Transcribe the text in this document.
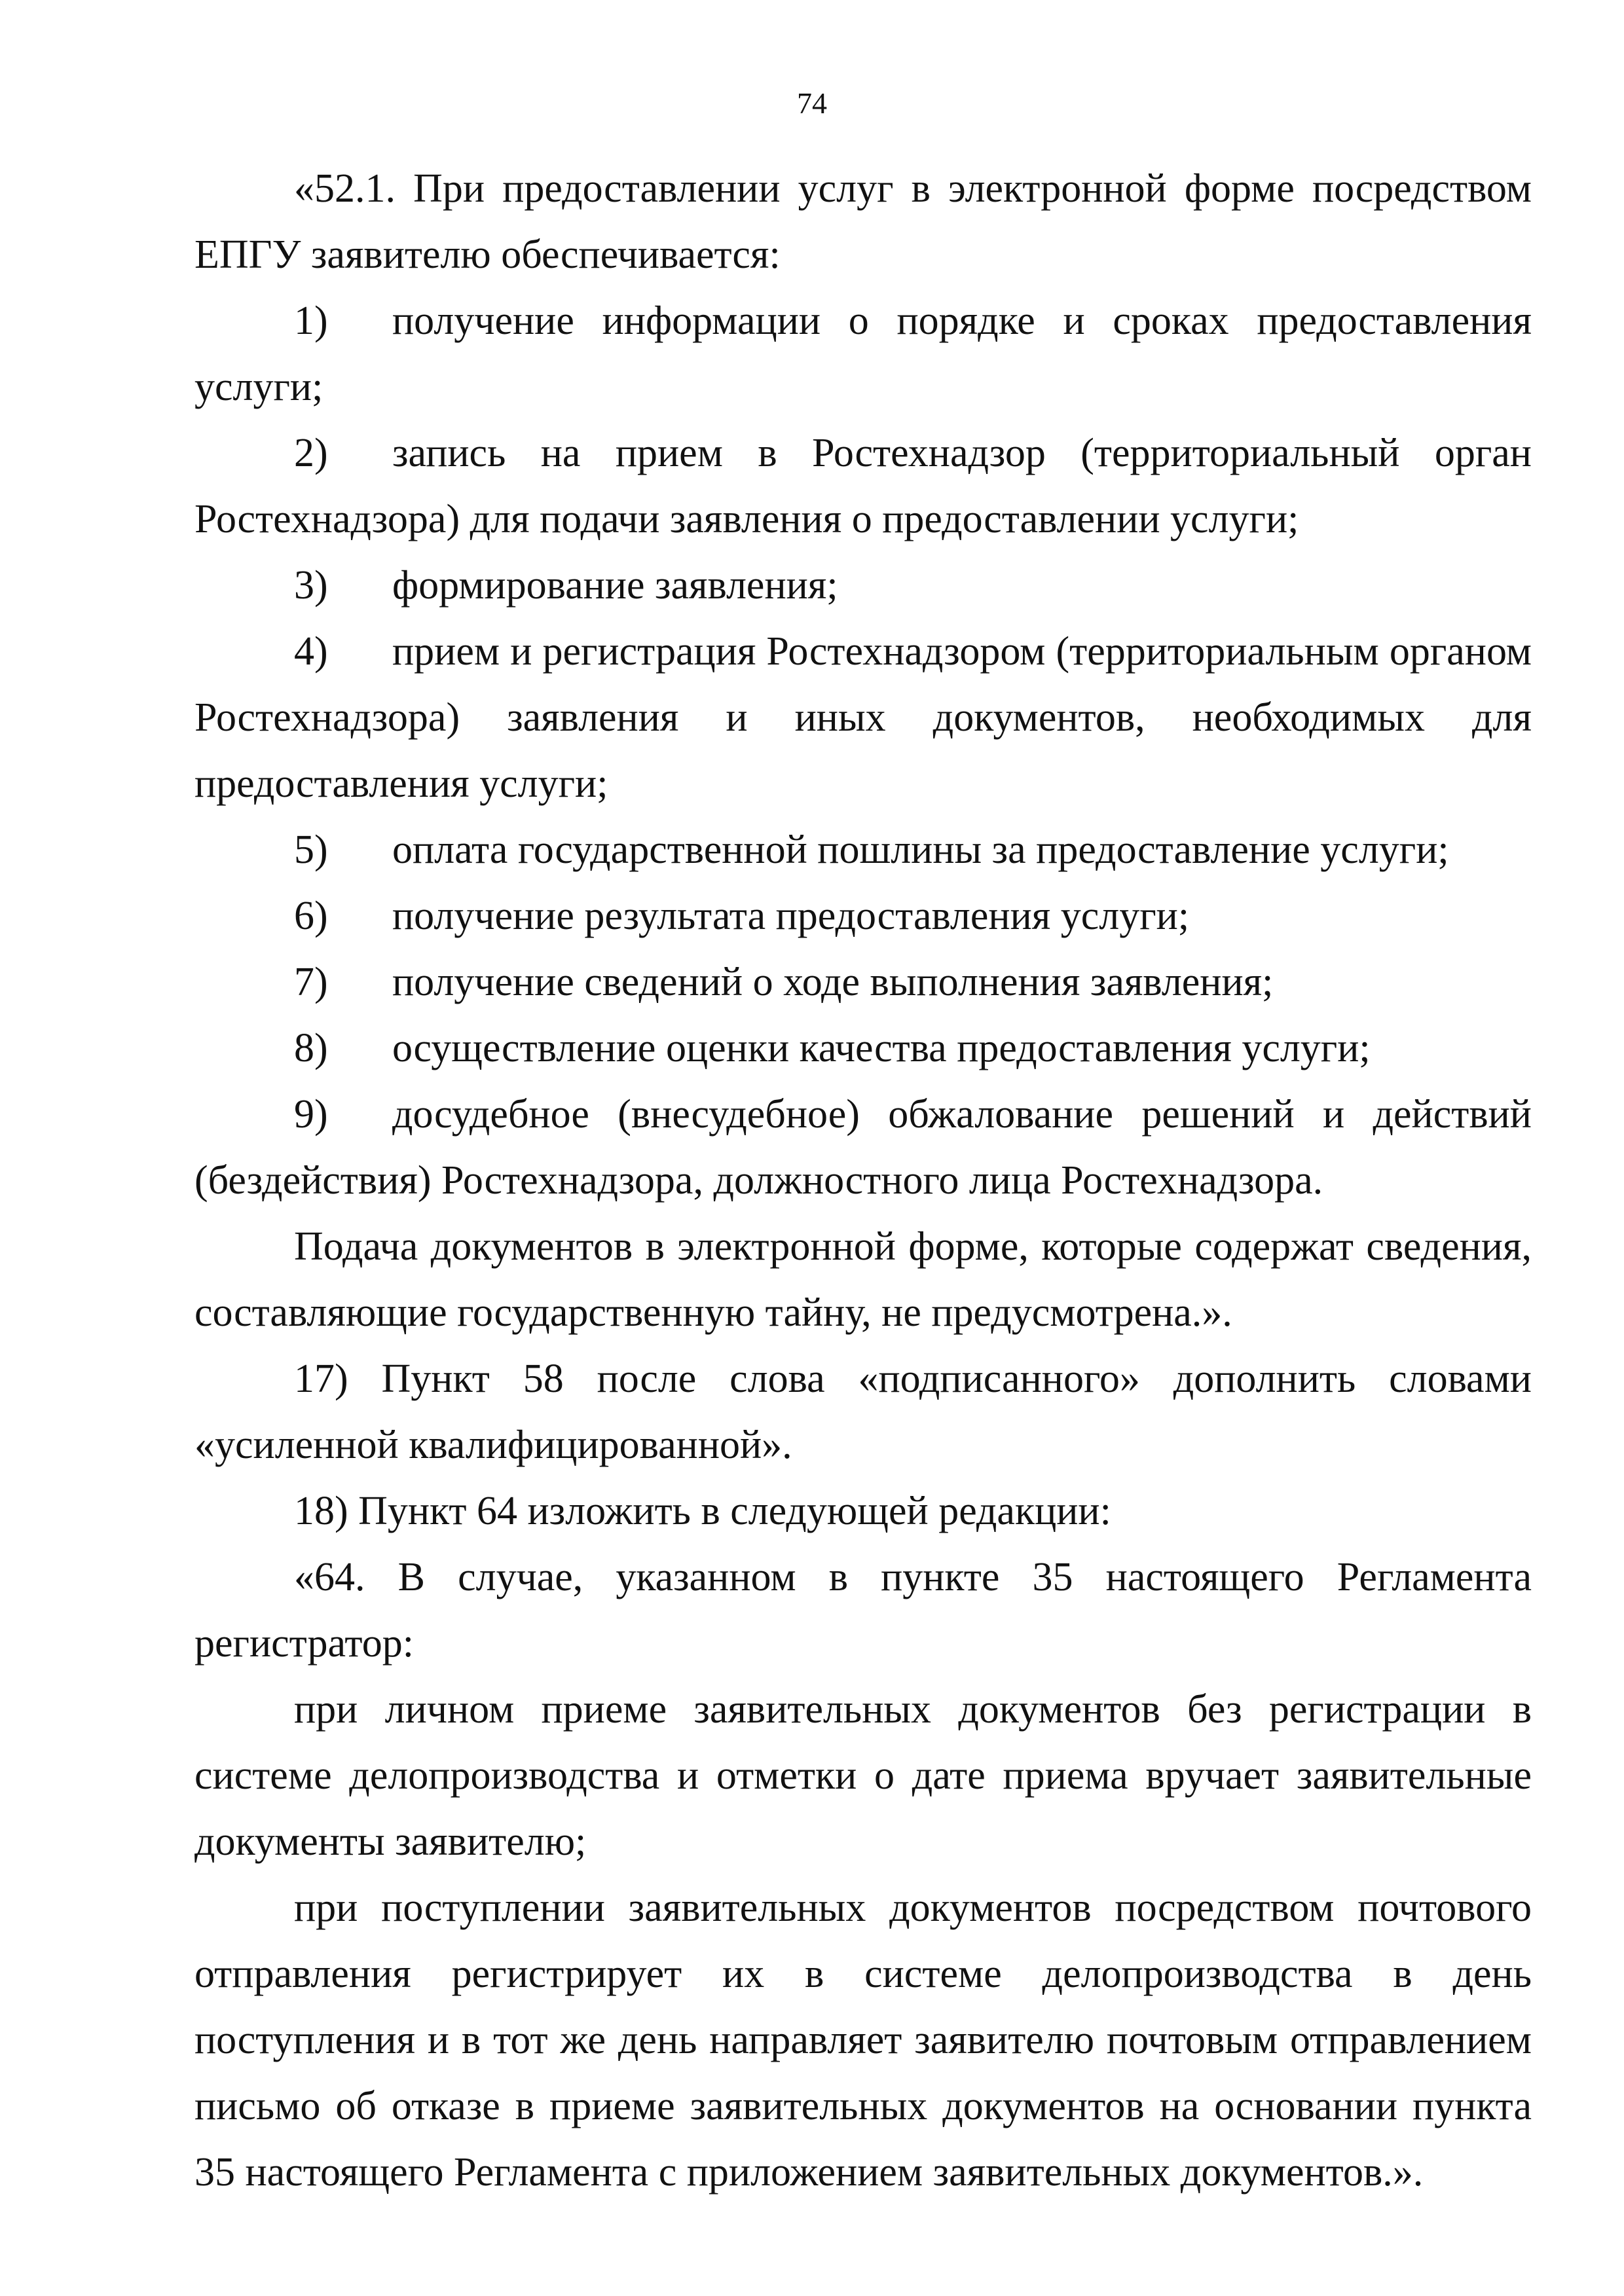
74

«52.1. При предоставлении услуг в электронной форме посредством ЕПГУ заявителю обеспечивается:

1) получение информации о порядке и сроках предоставления услуги;

2) запись на прием в Ростехнадзор (территориальный орган Ростехнадзора) для подачи заявления о предоставлении услуги;

3) формирование заявления;

4) прием и регистрация Ростехнадзором (территориальным органом Ростехнадзора) заявления и иных документов, необходимых для предоставления услуги;

5) оплата государственной пошлины за предоставление услуги;

6) получение результата предоставления услуги;

7) получение сведений о ходе выполнения заявления;

8) осуществление оценки качества предоставления услуги;

9) досудебное (внесудебное) обжалование решений и действий (бездействия) Ростехнадзора, должностного лица Ростехнадзора.

Подача документов в электронной форме, которые содержат сведения, составляющие государственную тайну, не предусмотрена.».

17) Пункт 58 после слова «подписанного» дополнить словами «усиленной квалифицированной».

18) Пункт 64 изложить в следующей редакции:

«64. В случае, указанном в пункте 35 настоящего Регламента регистратор:

при личном приеме заявительных документов без регистрации в системе делопроизводства и отметки о дате приема вручает заявительные документы заявителю;

при поступлении заявительных документов посредством почтового отправления регистрирует их в системе делопроизводства в день поступления и в тот же день направляет заявителю почтовым отправлением письмо об отказе в приеме заявительных документов на основании пункта 35 настоящего Регламента с приложением заявительных документов.».
